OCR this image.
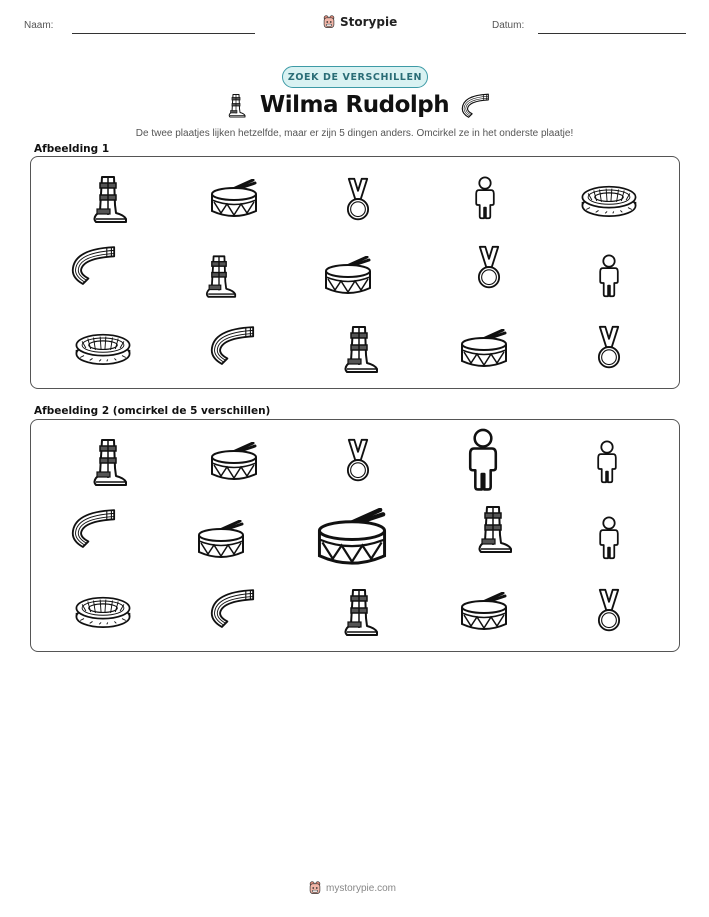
Naam:	Storypie	Datum:
ZOEK DE VERSCHILLEN
Wilma Rudolph
De twee plaatjes lijken hetzelfde, maar er zijn 5 dingen anders. Omcirkel ze in het onderste plaatje!
Afbeelding 1
Afbeelding 2 (omcirkel de 5 verschillen)
mystorypie.com
